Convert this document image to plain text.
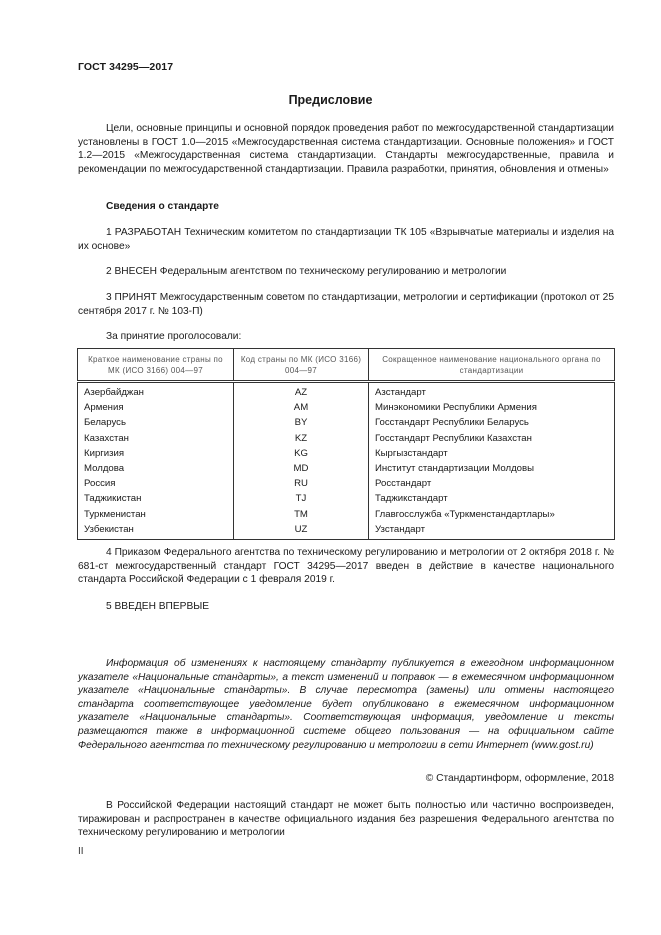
ГОСТ 34295—2017
Предисловие
Цели, основные принципы и основной порядок проведения работ по межгосударственной стандартизации установлены в ГОСТ 1.0—2015 «Межгосударственная система стандартизации. Основные положения» и ГОСТ 1.2—2015 «Межгосударственная система стандартизации. Стандарты межгосударственные, правила и рекомендации по межгосударственной стандартизации. Правила разработки, принятия, обновления и отмены»
Сведения о стандарте
1 РАЗРАБОТАН Техническим комитетом по стандартизации ТК 105 «Взрывчатые материалы и изделия на их основе»
2 ВНЕСЕН Федеральным агентством по техническому регулированию и метрологии
3 ПРИНЯТ Межгосударственным советом по стандартизации, метрологии и сертификации (протокол от 25 сентября 2017 г. № 103-П)
За принятие проголосовали:
Краткое наименование страны по МК (ИСО 3166) 004—97	Код страны по МК (ИСО 3166) 004—97	Сокращенное наименование национального органа по стандартизации
Азербайджан	AZ	Азстандарт
Армения	AM	Минэкономики Республики Армения
Беларусь	BY	Госстандарт Республики Беларусь
Казахстан	KZ	Госстандарт Республики Казахстан
Киргизия	KG	Кыргызстандарт
Молдова	MD	Институт стандартизации Молдовы
Россия	RU	Росстандарт
Таджикистан	TJ	Таджикстандарт
Туркменистан	TM	Главгосслужба «Туркменстандартлары»
Узбекистан	UZ	Узстандарт
4 Приказом Федерального агентства по техническому регулированию и метрологии от 2 октября 2018 г. № 681-ст межгосударственный стандарт ГОСТ 34295—2017 введен в действие в качестве национального стандарта Российской Федерации с 1 февраля 2019 г.
5 ВВЕДЕН ВПЕРВЫЕ
Информация об изменениях к настоящему стандарту публикуется в ежегодном информационном указателе «Национальные стандарты», а текст изменений и поправок — в ежемесячном информационном указателе «Национальные стандарты». В случае пересмотра (замены) или отмены настоящего стандарта соответствующее уведомление будет опубликовано в ежемесячном информационном указателе «Национальные стандарты». Соответствующая информация, уведомление и тексты размещаются также в информационной системе общего пользования — на официальном сайте Федерального агентства по техническому регулированию и метрологии в сети Интернет (www.gost.ru)
© Стандартинформ, оформление, 2018
В Российской Федерации настоящий стандарт не может быть полностью или частично воспроизведен, тиражирован и распространен в качестве официального издания без разрешения Федерального агентства по техническому регулированию и метрологии
II
